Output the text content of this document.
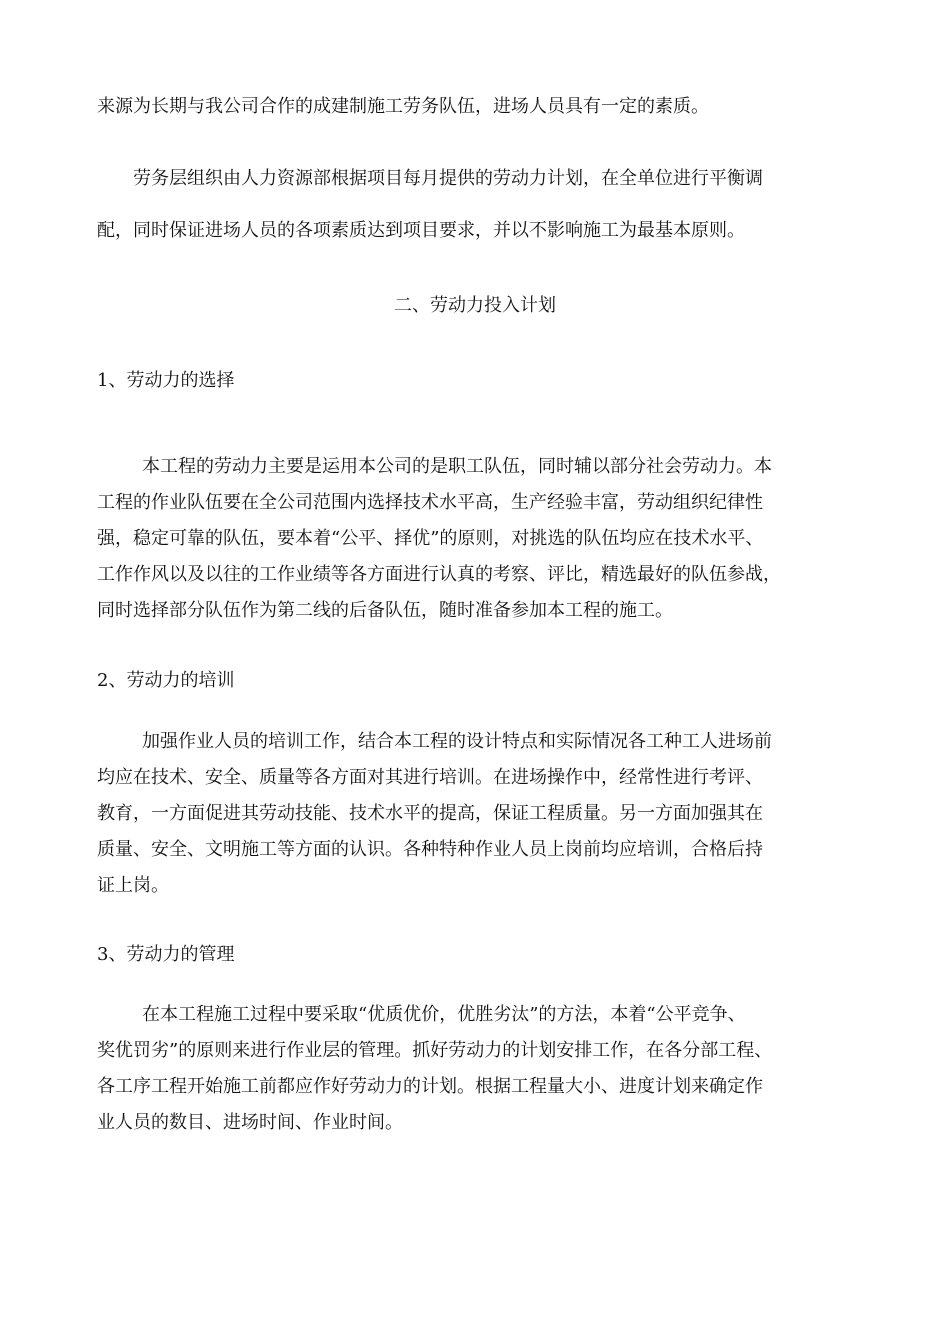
来源为长期与我公司合作的成建制施工劳务队伍，进场人员具有一定的素质。

劳务层组织由人力资源部根据项目每月提供的劳动力计划，在全单位进行平衡调
配，同时保证进场人员的各项素质达到项目要求，并以不影响施工为最基本原则。

二、劳动力投入计划

1、劳动力的选择

本工程的劳动力主要是运用本公司的是职工队伍，同时辅以部分社会劳动力。本
工程的作业队伍要在全公司范围内选择技术水平高，生产经验丰富，劳动组织纪律性
强，稳定可靠的队伍，要本着“公平、择优”的原则，对挑选的队伍均应在技术水平、
工作作风以及以往的工作业绩等各方面进行认真的考察、评比，精选最好的队伍参战，
同时选择部分队伍作为第二线的后备队伍，随时准备参加本工程的施工。

2、劳动力的培训

加强作业人员的培训工作，结合本工程的设计特点和实际情况各工种工人进场前
均应在技术、安全、质量等各方面对其进行培训。在进场操作中，经常性进行考评、
教育，一方面促进其劳动技能、技术水平的提高，保证工程质量。另一方面加强其在
质量、安全、文明施工等方面的认识。各种特种作业人员上岗前均应培训，合格后持
证上岗。

3、劳动力的管理

在本工程施工过程中要采取“优质优价，优胜劣汰”的方法，本着“公平竞争、
奖优罚劣”的原则来进行作业层的管理。抓好劳动力的计划安排工作，在各分部工程、
各工序工程开始施工前都应作好劳动力的计划。根据工程量大小、进度计划来确定作
业人员的数目、进场时间、作业时间。
